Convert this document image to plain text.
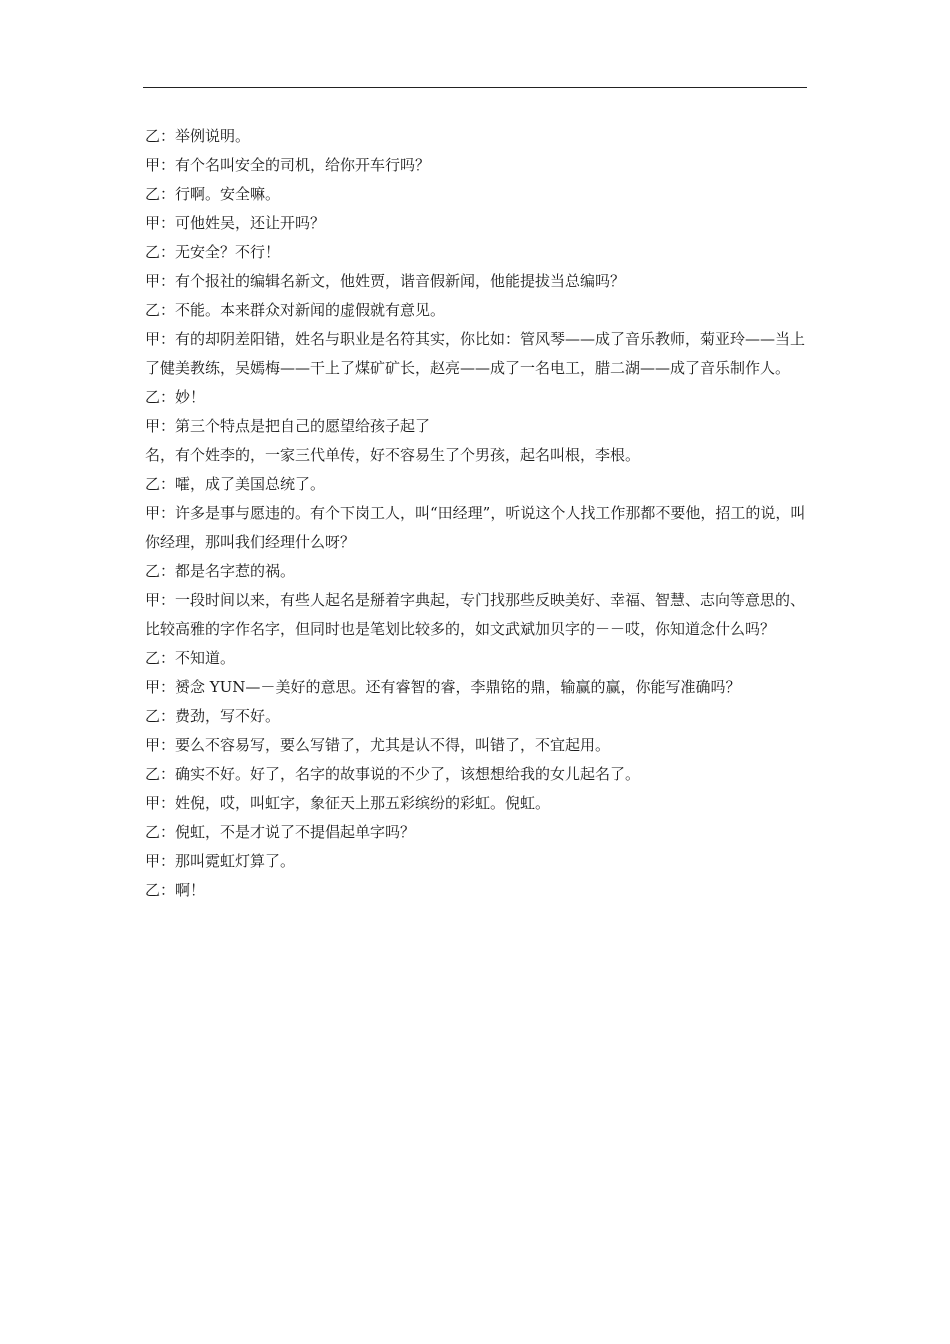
乙：举例说明。

甲：有个名叫安全的司机，给你开车行吗？

乙：行啊。安全嘛。

甲：可他姓吴，还让开吗？

乙：无安全？不行！

甲：有个报社的编辑名新文，他姓贾，谐音假新闻，他能提拔当总编吗？

乙：不能。本来群众对新闻的虚假就有意见。

甲：有的却阴差阳错，姓名与职业是名符其实，你比如：管风琴——成了音乐教师，菊亚玲——当上了健美教练，吴嫣梅——干上了煤矿矿长，赵亮——成了一名电工，腊二湖——成了音乐制作人。

乙：妙！

甲：第三个特点是把自己的愿望给孩子起了

名，有个姓李的，一家三代单传，好不容易生了个男孩，起名叫根，李根。

乙：嚯，成了美国总统了。

甲：许多是事与愿违的。有个下岗工人，叫“田经理”，听说这个人找工作那都不要他，招工的说，叫你经理，那叫我们经理什么呀？

乙：都是名字惹的祸。

甲：一段时间以来，有些人起名是掰着字典起，专门找那些反映美好、幸福、智慧、志向等意思的、比较高雅的字作名字，但同时也是笔划比较多的，如文武斌加贝字的－－哎，你知道念什么吗？

乙：不知道。

甲：赟念 YUN—－美好的意思。还有睿智的睿，李鼎铭的鼎，输赢的赢，你能写准确吗？

乙：费劲，写不好。

甲：要么不容易写，要么写错了，尤其是认不得，叫错了，不宜起用。

乙：确实不好。好了，名字的故事说的不少了，该想想给我的女儿起名了。

甲：姓倪，哎，叫虹字，象征天上那五彩缤纷的彩虹。倪虹。

乙：倪虹，不是才说了不提倡起单字吗？

甲：那叫霓虹灯算了。

乙：啊！
